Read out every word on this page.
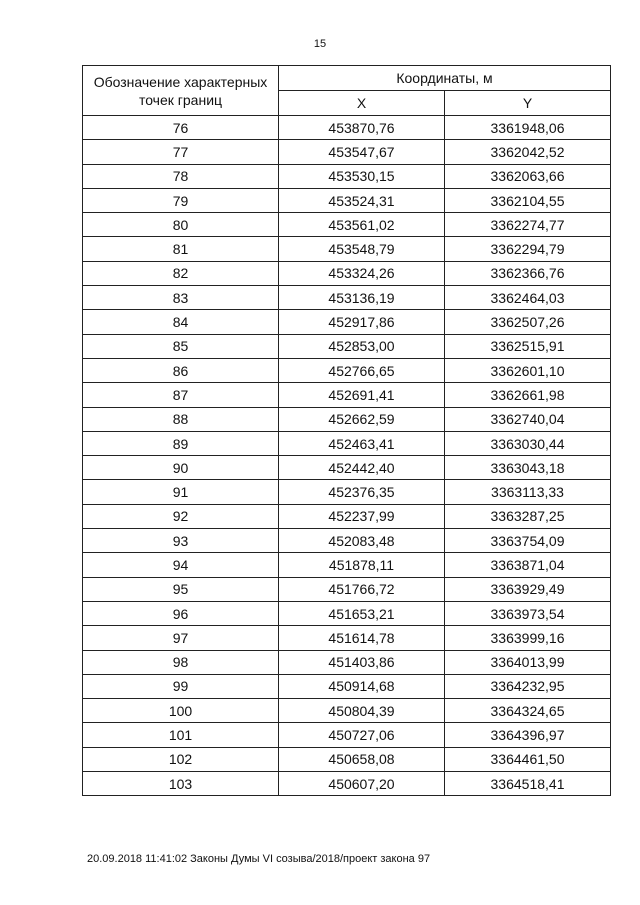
15
Обозначение характерных точек границ	Координаты, м	
	X	Y
76	453870,76	3361948,06
77	453547,67	3362042,52
78	453530,15	3362063,66
79	453524,31	3362104,55
80	453561,02	3362274,77
81	453548,79	3362294,79
82	453324,26	3362366,76
83	453136,19	3362464,03
84	452917,86	3362507,26
85	452853,00	3362515,91
86	452766,65	3362601,10
87	452691,41	3362661,98
88	452662,59	3362740,04
89	452463,41	3363030,44
90	452442,40	3363043,18
91	452376,35	3363113,33
92	452237,99	3363287,25
93	452083,48	3363754,09
94	451878,11	3363871,04
95	451766,72	3363929,49
96	451653,21	3363973,54
97	451614,78	3363999,16
98	451403,86	3364013,99
99	450914,68	3364232,95
100	450804,39	3364324,65
101	450727,06	3364396,97
102	450658,08	3364461,50
103	450607,20	3364518,41
20.09.2018 11:41:02 Законы Думы VI созыва/2018/проект закона 97
